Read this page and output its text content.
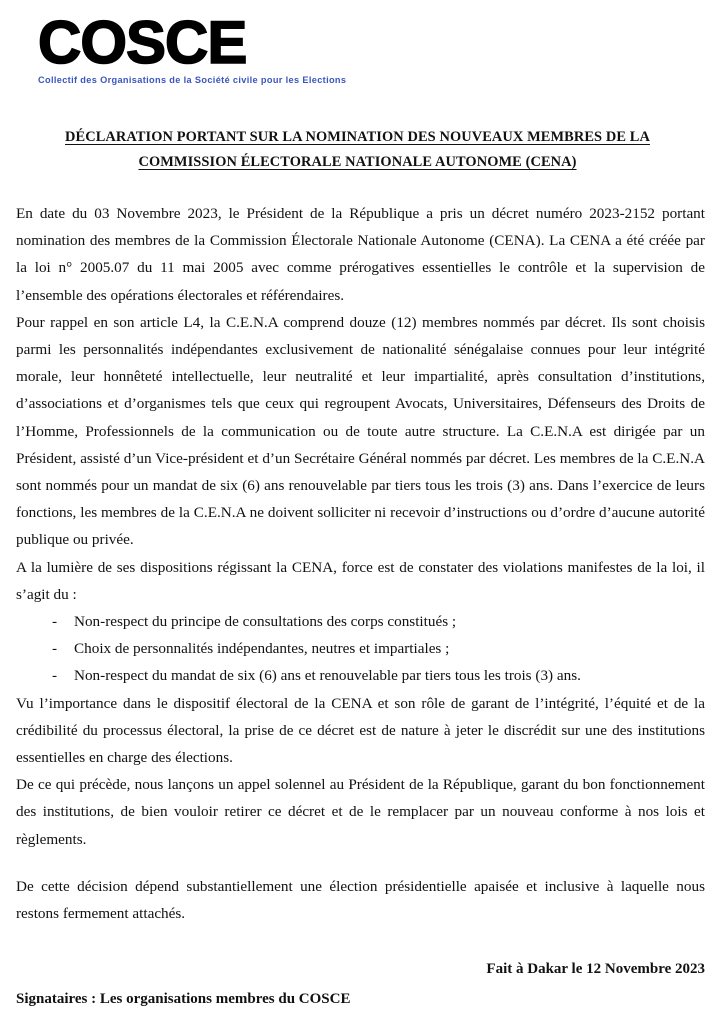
COSCE
Collectif des Organisations de la Société civile pour les Elections
DÉCLARATION PORTANT SUR LA NOMINATION DES NOUVEAUX MEMBRES DE LA
COMMISSION ÉLECTORALE NATIONALE AUTONOME (CENA)

En date du 03 Novembre 2023, le Président de la République a pris un décret numéro 2023-2152 portant nomination des membres de la Commission Électorale Nationale Autonome (CENA). La CENA a été créée par la loi n° 2005.07 du 11 mai 2005 avec comme prérogatives essentielles le contrôle et la supervision de l’ensemble des opérations électorales et référendaires.

Pour rappel en son article L4, la C.E.N.A comprend douze (12) membres nommés par décret. Ils sont choisis parmi les personnalités indépendantes exclusivement de nationalité sénégalaise connues pour leur intégrité morale, leur honnêteté intellectuelle, leur neutralité et leur impartialité, après consultation d’institutions, d’associations et d’organismes tels que ceux qui regroupent Avocats, Universitaires, Défenseurs des Droits de l’Homme, Professionnels de la communication ou de toute autre structure. La C.E.N.A est dirigée par un Président, assisté d’un Vice-président et d’un Secrétaire Général nommés par décret. Les membres de la C.E.N.A sont nommés pour un mandat de six (6) ans renouvelable par tiers tous les trois (3) ans. Dans l’exercice de leurs fonctions, les membres de la C.E.N.A ne doivent solliciter ni recevoir d’instructions ou d’ordre d’aucune autorité publique ou privée.

A la lumière de ses dispositions régissant la CENA, force est de constater des violations manifestes de la loi, il s’agit du :

- Non-respect du principe de consultations des corps constitués ;
- Choix de personnalités indépendantes, neutres et impartiales ;
- Non-respect du mandat de six (6) ans et renouvelable par tiers tous les trois (3) ans.

Vu l’importance dans le dispositif électoral de la CENA et son rôle de garant de l’intégrité, l’équité et de la crédibilité du processus électoral, la prise de ce décret est de nature à jeter le discrédit sur une des institutions essentielles en charge des élections.

De ce qui précède, nous lançons un appel solennel au Président de la République, garant du bon fonctionnement des institutions, de bien vouloir retirer ce décret et de le remplacer par un nouveau conforme à nos lois et règlements.

De cette décision dépend substantiellement une élection présidentielle apaisée et inclusive à laquelle nous restons fermement attachés.

Fait à Dakar le 12 Novembre 2023
Signataires : Les organisations membres du COSCE
